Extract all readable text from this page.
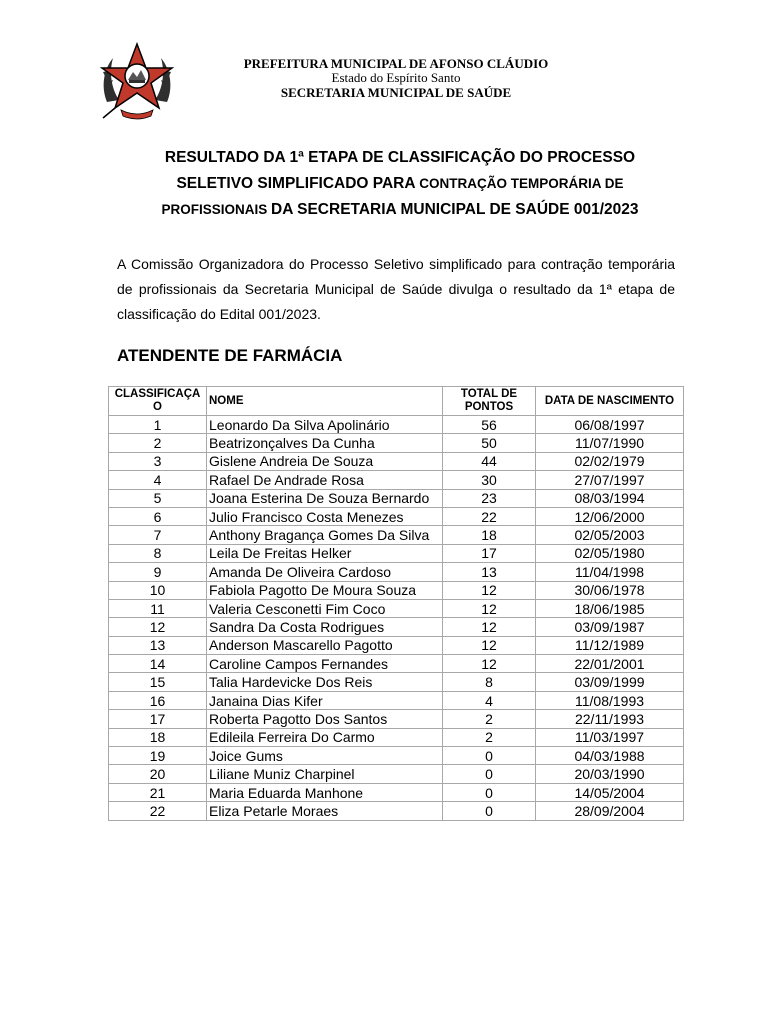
PREFEITURA MUNICIPAL DE AFONSO CLÁUDIO
Estado do Espírito Santo
SECRETARIA MUNICIPAL DE SAÚDE
RESULTADO DA 1ª ETAPA DE CLASSIFICAÇÃO DO PROCESSO
SELETIVO SIMPLIFICADO PARA CONTRAÇÃO TEMPORÁRIA DE
PROFISSIONAIS DA SECRETARIA MUNICIPAL DE SAÚDE 001/2023
A Comissão Organizadora do Processo Seletivo simplificado para contração temporária de profissionais da Secretaria Municipal de Saúde divulga o resultado da 1ª etapa de classificação do Edital 001/2023.
ATENDENTE DE FARMÁCIA
CLASSIFICAÇAO	NOME	TOTAL DE PONTOS	DATA DE NASCIMENTO
1	Leonardo Da Silva Apolinário	56	06/08/1997
2	Beatrizonçalves Da Cunha	50	11/07/1990
3	Gislene Andreia De Souza	44	02/02/1979
4	Rafael De Andrade Rosa	30	27/07/1997
5	Joana Esterina De Souza Bernardo	23	08/03/1994
6	Julio Francisco Costa Menezes	22	12/06/2000
7	Anthony Bragança Gomes Da Silva	18	02/05/2003
8	Leila De Freitas Helker	17	02/05/1980
9	Amanda De Oliveira Cardoso	13	11/04/1998
10	Fabiola Pagotto De Moura Souza	12	30/06/1978
11	Valeria Cesconetti Fim Coco	12	18/06/1985
12	Sandra Da Costa Rodrigues	12	03/09/1987
13	Anderson Mascarello Pagotto	12	11/12/1989
14	Caroline Campos Fernandes	12	22/01/2001
15	Talia Hardevicke Dos Reis	8	03/09/1999
16	Janaina Dias Kifer	4	11/08/1993
17	Roberta Pagotto Dos Santos	2	22/11/1993
18	Edileila Ferreira Do Carmo	2	11/03/1997
19	Joice Gums	0	04/03/1988
20	Liliane Muniz Charpinel	0	20/03/1990
21	Maria Eduarda Manhone	0	14/05/2004
22	Eliza Petarle Moraes	0	28/09/2004
